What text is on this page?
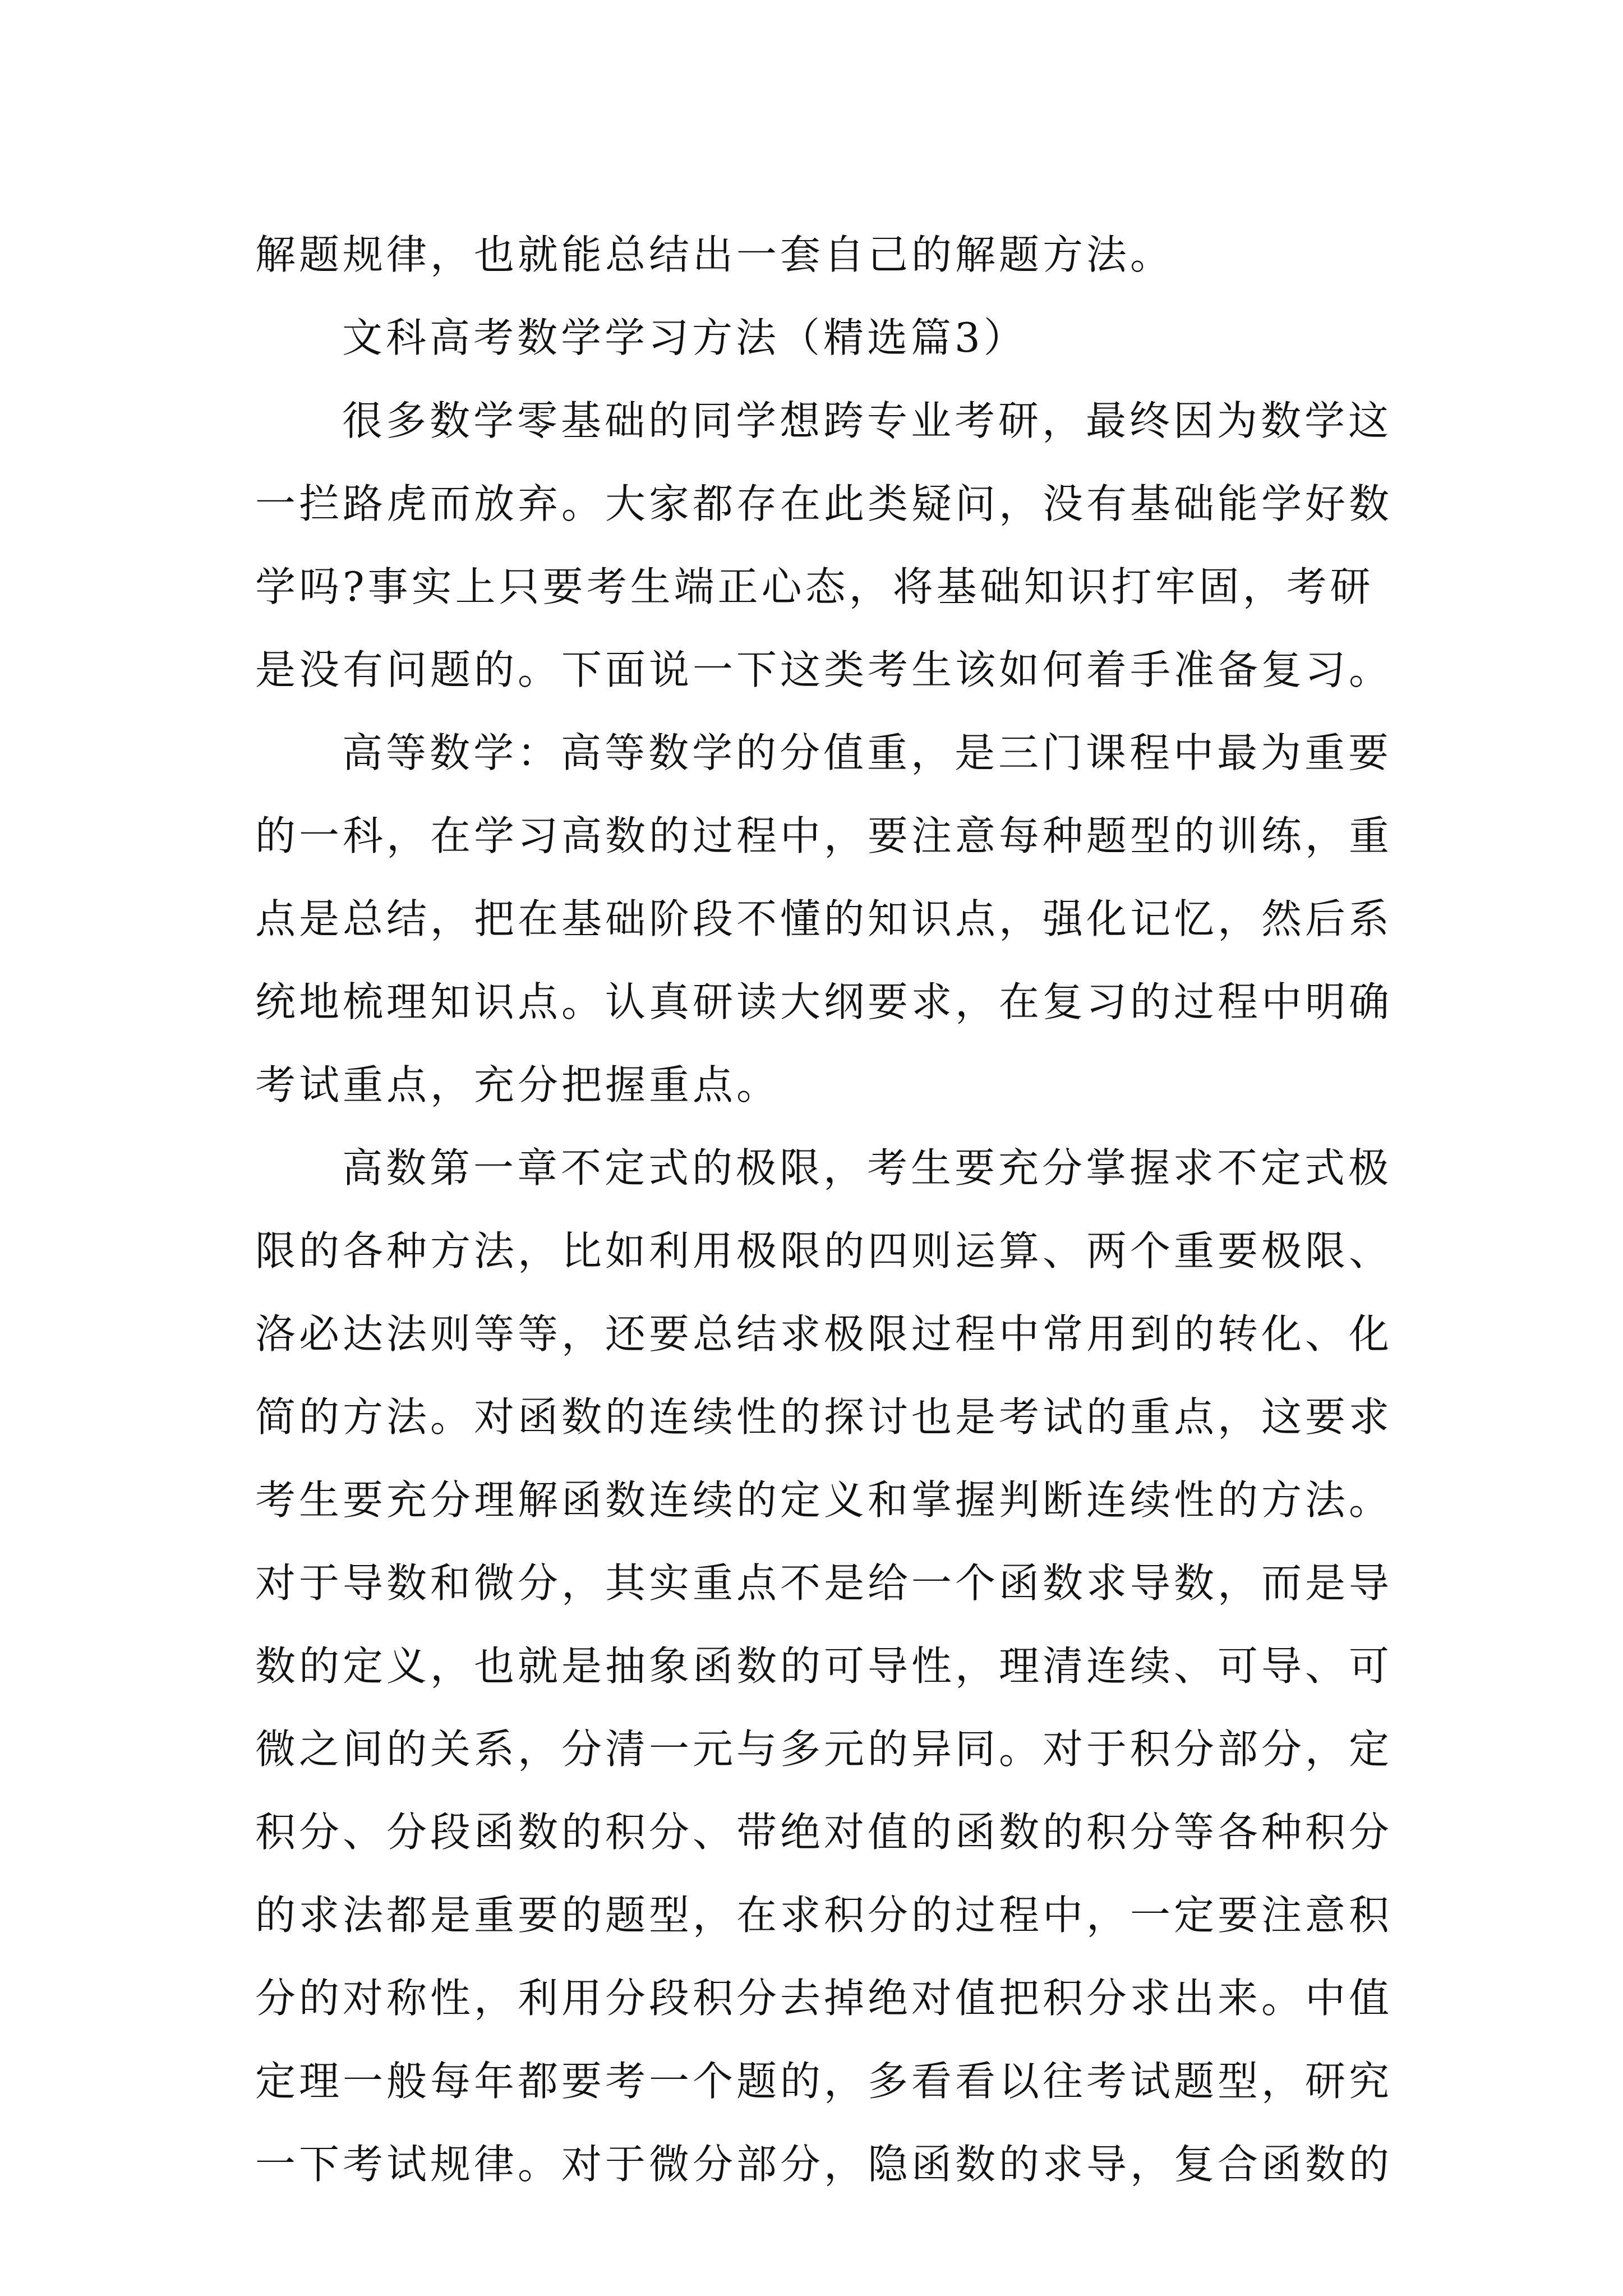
解题规律，也就能总结出一套自己的解题方法。
文科高考数学学习方法（精选篇3）
很多数学零基础的同学想跨专业考研，最终因为数学这
一拦路虎而放弃。大家都存在此类疑问，没有基础能学好数
学吗?事实上只要考生端正心态，将基础知识打牢固，考研
是没有问题的。下面说一下这类考生该如何着手准备复习。
高等数学：高等数学的分值重，是三门课程中最为重要
的一科，在学习高数的过程中，要注意每种题型的训练，重
点是总结，把在基础阶段不懂的知识点，强化记忆，然后系
统地梳理知识点。认真研读大纲要求，在复习的过程中明确
考试重点，充分把握重点。
高数第一章不定式的极限，考生要充分掌握求不定式极
限的各种方法，比如利用极限的四则运算、两个重要极限、
洛必达法则等等，还要总结求极限过程中常用到的转化、化
简的方法。对函数的连续性的探讨也是考试的重点，这要求
考生要充分理解函数连续的定义和掌握判断连续性的方法。
对于导数和微分，其实重点不是给一个函数求导数，而是导
数的定义，也就是抽象函数的可导性，理清连续、可导、可
微之间的关系，分清一元与多元的异同。对于积分部分，定
积分、分段函数的积分、带绝对值的函数的积分等各种积分
的求法都是重要的题型，在求积分的过程中，一定要注意积
分的对称性，利用分段积分去掉绝对值把积分求出来。中值
定理一般每年都要考一个题的，多看看以往考试题型，研究
一下考试规律。对于微分部分，隐函数的求导，复合函数的
